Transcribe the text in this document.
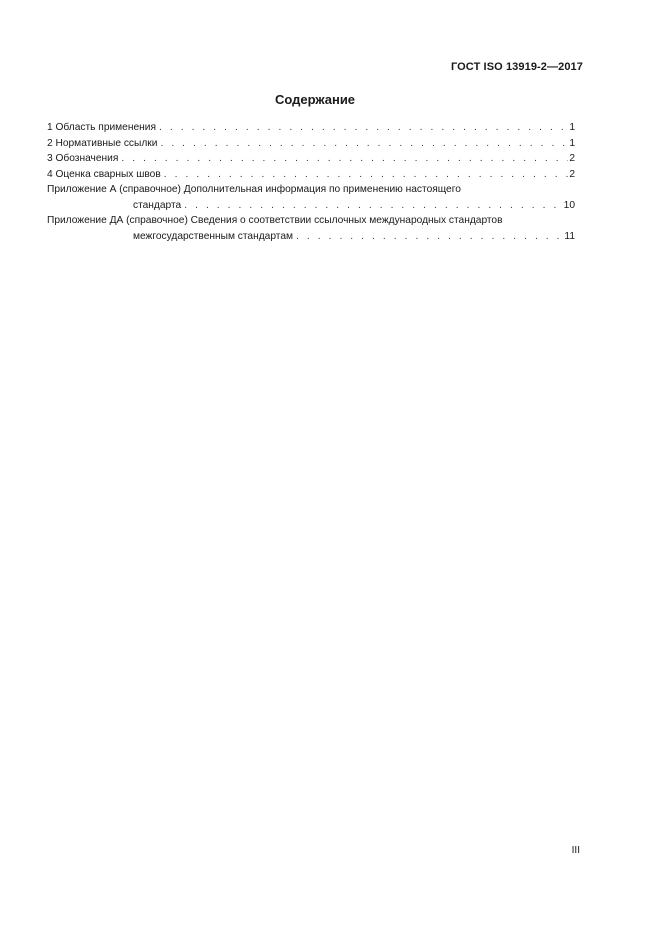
ГОСТ ISO 13919-2—2017
Содержание
1 Область применения . . .	1
2 Нормативные ссылки . . .	1
3 Обозначения . . .	2
4 Оценка сварных швов . . .	2
Приложение А (справочное) Дополнительная информация по применению настоящего
стандарта . . .	10
Приложение ДА (справочное) Сведения о соответствии ссылочных международных стандартов
межгосударственным стандартам . . .	11
III
